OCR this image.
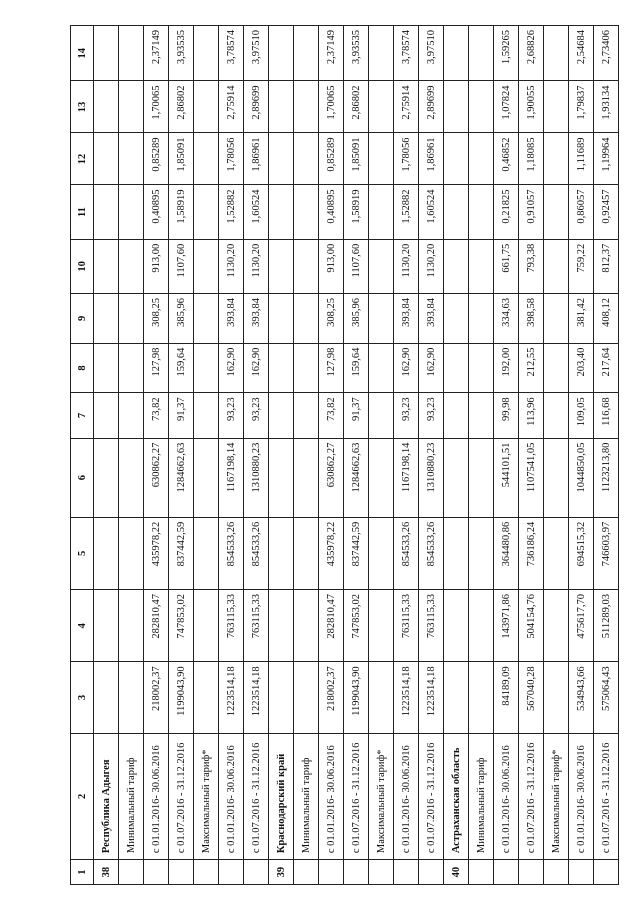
1	2	3	4	5	6	7	8	9	10	11	12	13	14
38	Республика Адыгея												
	Минимальный тариф												
	с 01.01.2016- 30.06.2016	218002,37	282810,47	435978,22	630862,27	73,82	127,98	308,25	913,00	0,40895	0,85289	1,70065	2,37149
	с 01.07.2016 - 31.12.2016	1199043,90	747853,02	837442,59	1284662,63	91,37	159,64	385,96	1107,60	1,58919	1,85091	2,86802	3,93535
	Максимальный тариф*												
	с 01.01.2016- 30.06.2016	1223514,18	763115,33	854533,26	1167198,14	93,23	162,90	393,84	1130,20	1,52882	1,78056	2,75914	3,78574
	с 01.07.2016 - 31.12.2016	1223514,18	763115,33	854533,26	1310880,23	93,23	162,90	393,84	1130,20	1,60524	1,86961	2,89699	3,97510
39	Краснодарский край												
	Минимальный тариф												
	с 01.01.2016- 30.06.2016	218002,37	282810,47	435978,22	630862,27	73,82	127,98	308,25	913,00	0,40895	0,85289	1,70065	2,37149
	с 01.07.2016 - 31.12.2016	1199043,90	747853,02	837442,59	1284662,63	91,37	159,64	385,96	1107,60	1,58919	1,85091	2,86802	3,93535
	Максимальный тариф*												
	с 01.01.2016- 30.06.2016	1223514,18	763115,33	854533,26	1167198,14	93,23	162,90	393,84	1130,20	1,52882	1,78056	2,75914	3,78574
	с 01.07.2016 - 31.12.2016	1223514,18	763115,33	854533,26	1310880,23	93,23	162,90	393,84	1130,20	1,60524	1,86961	2,89699	3,97510
40	Астраханская область												
	Минимальный тариф												
	с 01.01.2016- 30.06.2016	84189,09	143971,86	364480,86	544101,51	99,98	192,00	334,63	661,75	0,21825	0,46852	1,07824	1,59265
	с 01.07.2016 - 31.12.2016	567040,28	504154,76	736186,24	1107541,05	113,96	212,55	398,58	793,38	0,91057	1,18085	1,90055	2,68826
	Максимальный тариф*												
	с 01.01.2016- 30.06.2016	534943,66	475617,70	694515,32	1044850,05	109,05	203,40	381,42	759,22	0,86057	1,11689	1,79837	2,54684
	с 01.07.2016 - 31.12.2016	575064,43	511289,03	746603,97	1123213,80	116,68	217,64	408,12	812,37	0,92457	1,19964	1,93134	2,73406
